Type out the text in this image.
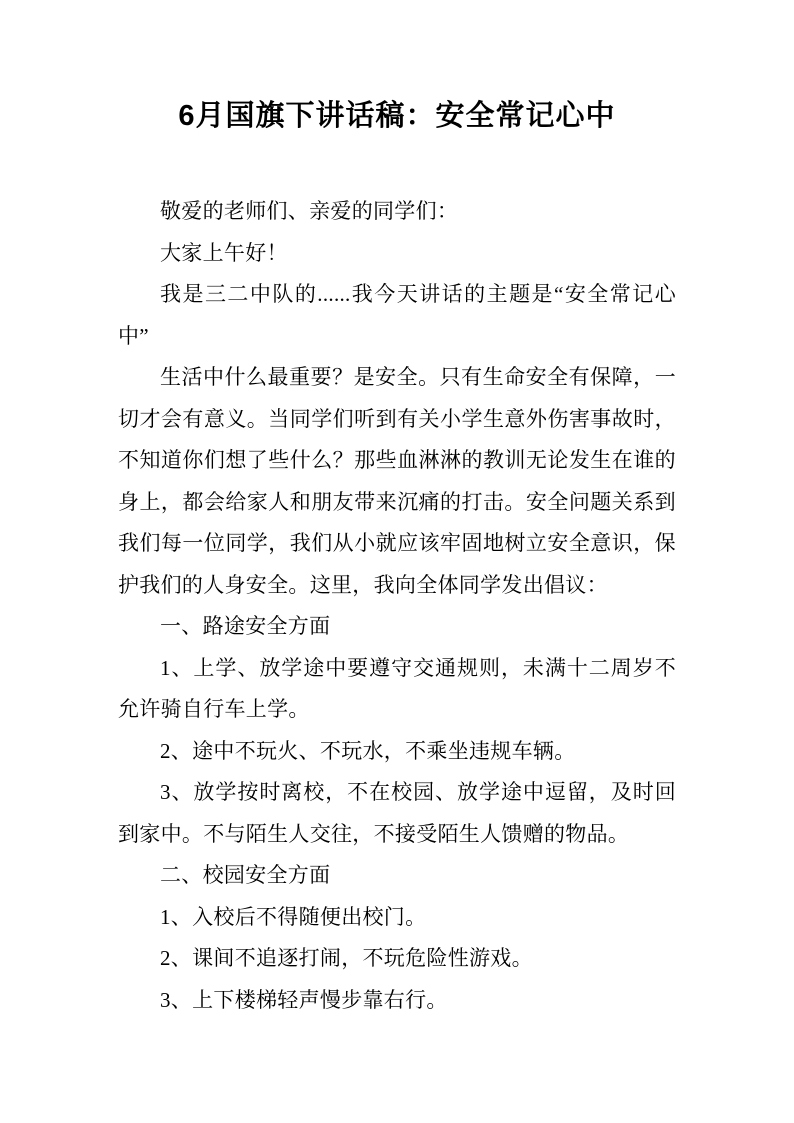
6月国旗下讲话稿：安全常记心中

敬爱的老师们、亲爱的同学们：

大家上午好！

我是三二中队的......我今天讲话的主题是“安全常记心中”

生活中什么最重要？是安全。只有生命安全有保障，一切才会有意义。当同学们听到有关小学生意外伤害事故时，不知道你们想了些什么？那些血淋淋的教训无论发生在谁的身上，都会给家人和朋友带来沉痛的打击。安全问题关系到我们每一位同学，我们从小就应该牢固地树立安全意识，保护我们的人身安全。这里，我向全体同学发出倡议：

一、路途安全方面

1、上学、放学途中要遵守交通规则，未满十二周岁不允许骑自行车上学。

2、途中不玩火、不玩水，不乘坐违规车辆。

3、放学按时离校，不在校园、放学途中逗留，及时回到家中。不与陌生人交往，不接受陌生人馈赠的物品。

二、校园安全方面

1、入校后不得随便出校门。

2、课间不追逐打闹，不玩危险性游戏。

3、上下楼梯轻声慢步靠右行。
